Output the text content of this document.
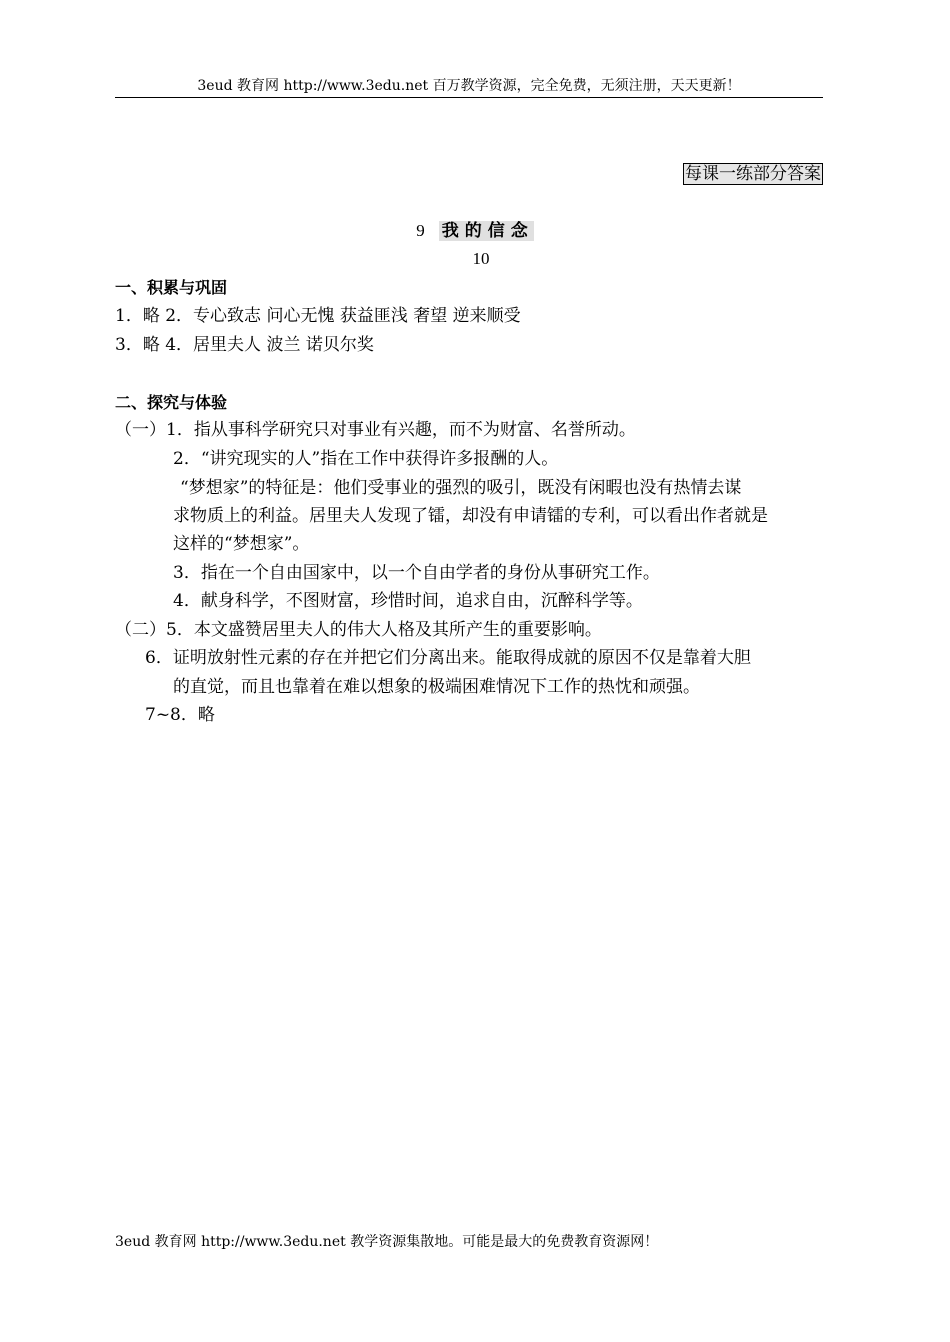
3eud 教育网 http://www.3edu.net 百万教学资源，完全免费，无须注册，天天更新！
每课一练部分答案
9 我的信念
10
一、积累与巩固
1．略 2．专心致志 问心无愧 获益匪浅 奢望 逆来顺受
3．略 4．居里夫人 波兰 诺贝尔奖
二、探究与体验
（一）1．指从事科学研究只对事业有兴趣，而不为财富、名誉所动。
2．“讲究现实的人”指在工作中获得许多报酬的人。
“梦想家”的特征是：他们受事业的强烈的吸引，既没有闲暇也没有热情去谋
求物质上的利益。居里夫人发现了镭，却没有申请镭的专利，可以看出作者就是
这样的“梦想家”。
3．指在一个自由国家中，以一个自由学者的身份从事研究工作。
4．献身科学，不图财富，珍惜时间，追求自由，沉醉科学等。
（二）5．本文盛赞居里夫人的伟大人格及其所产生的重要影响。
6．证明放射性元素的存在并把它们分离出来。能取得成就的原因不仅是靠着大胆
的直觉，而且也靠着在难以想象的极端困难情况下工作的热忱和顽强。
7~8．略
3eud 教育网 http://www.3edu.net 教学资源集散地。可能是最大的免费教育资源网！
